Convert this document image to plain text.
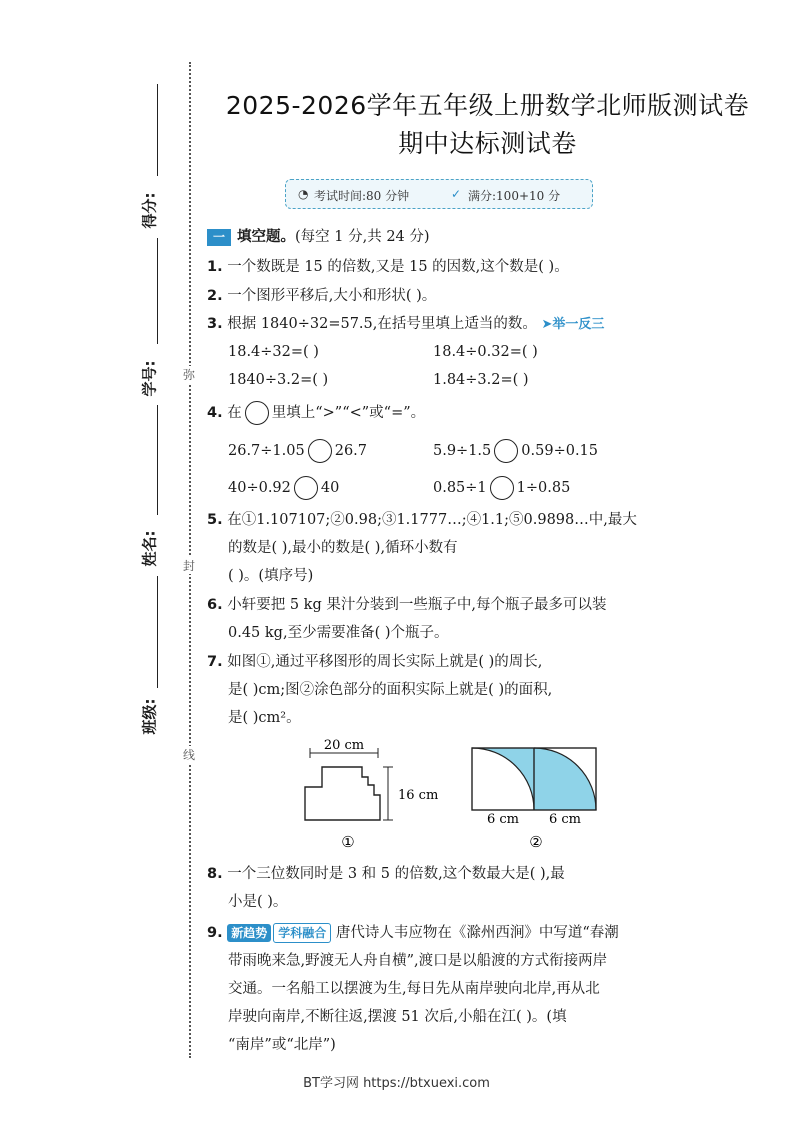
2025-2026学年五年级上册数学北师版测试卷
期中达标测试卷
得分:
学号:
姓名:
班级:
弥
封
线
◔ 考试时间:80 分钟	✓ 满分:100+10 分
一 填空题。(每空 1 分,共 24 分)
1. 一个数既是 15 的倍数,又是 15 的因数,这个数是( )。
2. 一个图形平移后,大小和形状( )。
3. 根据 1840÷32=57.5,在括号里填上适当的数。 ➤举一反三
18.4÷32=( )	18.4÷0.32=( )
1840÷3.2=( )	1.84÷3.2=( )
4. 在 里填上“>”“<”或“=”。
26.7÷1.05 26.7	5.9÷1.5 0.59÷0.15
40÷0.92 40	0.85÷1 1÷0.85
5. 在①1.107107;②0.98;③1.1777…;④1.1;⑤0.9898…中,最大
的数是( ),最小的数是( ),循环小数有
( )。(填序号)
6. 小轩要把 5 kg 果汁分装到一些瓶子中,每个瓶子最多可以装
0.45 kg,至少需要准备( )个瓶子。
7. 如图①,通过平移图形的周长实际上就是( )的周长,
是( )cm;图②涂色部分的面积实际上就是( )的面积,
是( )cm²。
20 cm
16 cm
①
6 cm 6 cm
②
8. 一个三位数同时是 3 和 5 的倍数,这个数最大是( ),最
小是( )。
9. 新趋势 学科融合 唐代诗人韦应物在《滁州西涧》中写道“春潮
带雨晚来急,野渡无人舟自横”,渡口是以船渡的方式衔接两岸
交通。一名船工以摆渡为生,每日先从南岸驶向北岸,再从北
岸驶向南岸,不断往返,摆渡 51 次后,小船在江( )。(填
“南岸”或“北岸”)
BT学习网 https://btxuexi.com
